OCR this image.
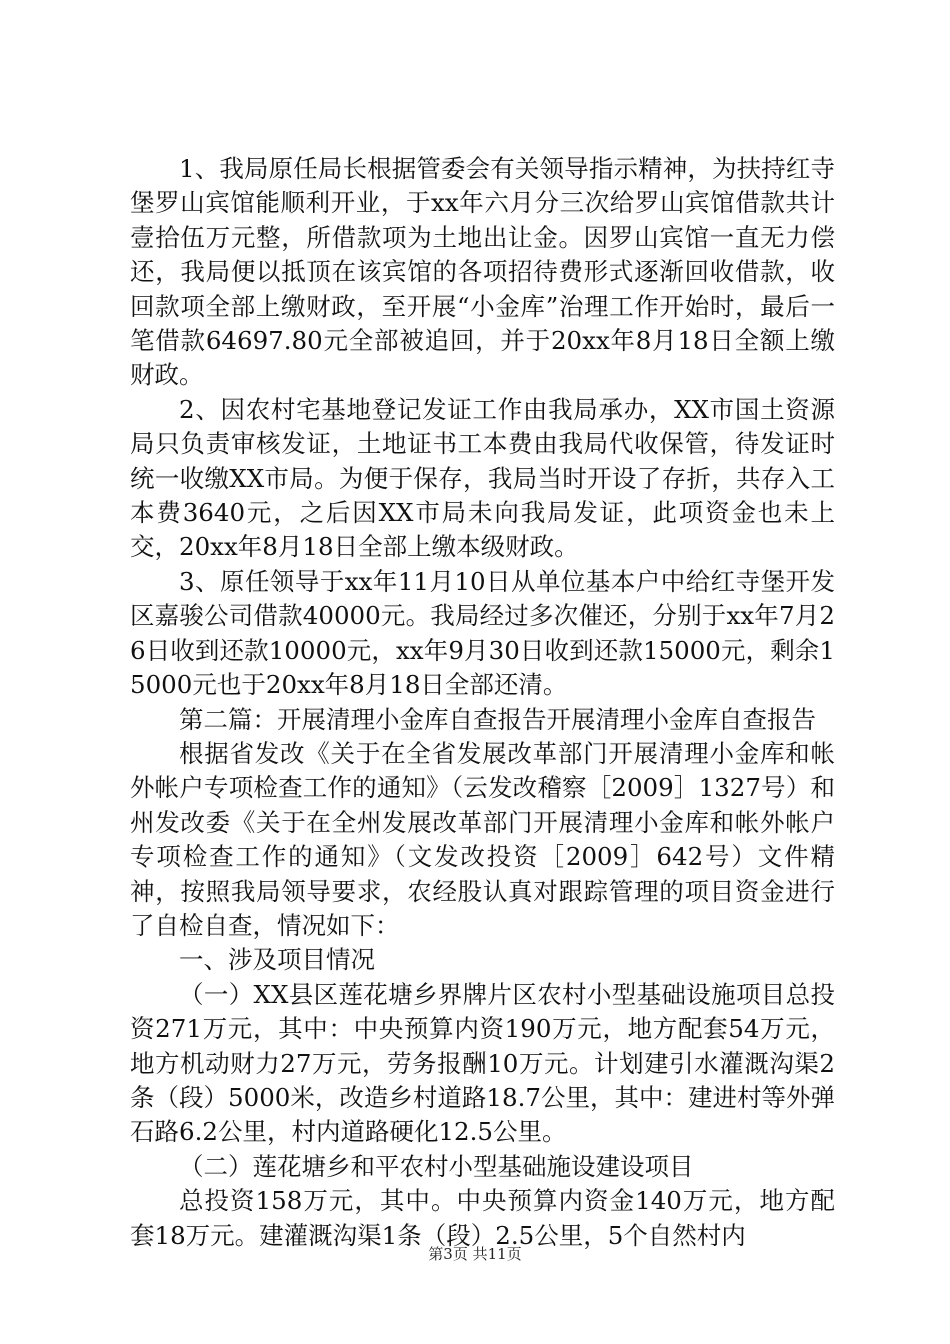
1、我局原任局长根据管委会有关领导指示精神，为扶持红寺堡罗山宾馆能顺利开业，于xx年六月分三次给罗山宾馆借款共计壹拾伍万元整，所借款项为土地出让金。因罗山宾馆一直无力偿还，我局便以抵顶在该宾馆的各项招待费形式逐渐回收借款，收回款项全部上缴财政，至开展“小金库”治理工作开始时，最后一笔借款64697.80元全部被追回，并于20xx年8月18日全额上缴财政。

2、因农村宅基地登记发证工作由我局承办，XX市国土资源局只负责审核发证，土地证书工本费由我局代收保管，待发证时统一收缴XX市局。为便于保存，我局当时开设了存折，共存入工本费3640元，之后因XX市局未向我局发证，此项资金也未上交，20xx年8月18日全部上缴本级财政。

3、原任领导于xx年11月10日从单位基本户中给红寺堡开发区嘉骏公司借款40000元。我局经过多次催还，分别于xx年7月26日收到还款10000元，xx年9月30日收到还款15000元，剩余15000元也于20xx年8月18日全部还清。

第二篇：开展清理小金库自查报告开展清理小金库自查报告

根据省发改《关于在全省发展改革部门开展清理小金库和帐外帐户专项检查工作的通知》（云发改稽察［2009］1327号）和州发改委《关于在全州发展改革部门开展清理小金库和帐外帐户专项检查工作的通知》（文发改投资［2009］642号）文件精神，按照我局领导要求，农经股认真对跟踪管理的项目资金进行了自检自查，情况如下：

一、涉及项目情况

（一）XX县区莲花塘乡界牌片区农村小型基础设施项目总投资271万元，其中：中央预算内资190万元，地方配套54万元，地方机动财力27万元，劳务报酬10万元。计划建引水灌溉沟渠2条（段）5000米，改造乡村道路18.7公里，其中：建进村等外弹石路6.2公里，村内道路硬化12.5公里。

（二）莲花塘乡和平农村小型基础施设建设项目

总投资158万元，其中。中央预算内资金140万元，地方配套18万元。建灌溉沟渠1条（段）2.5公里，5个自然村内

第3页 共11页
